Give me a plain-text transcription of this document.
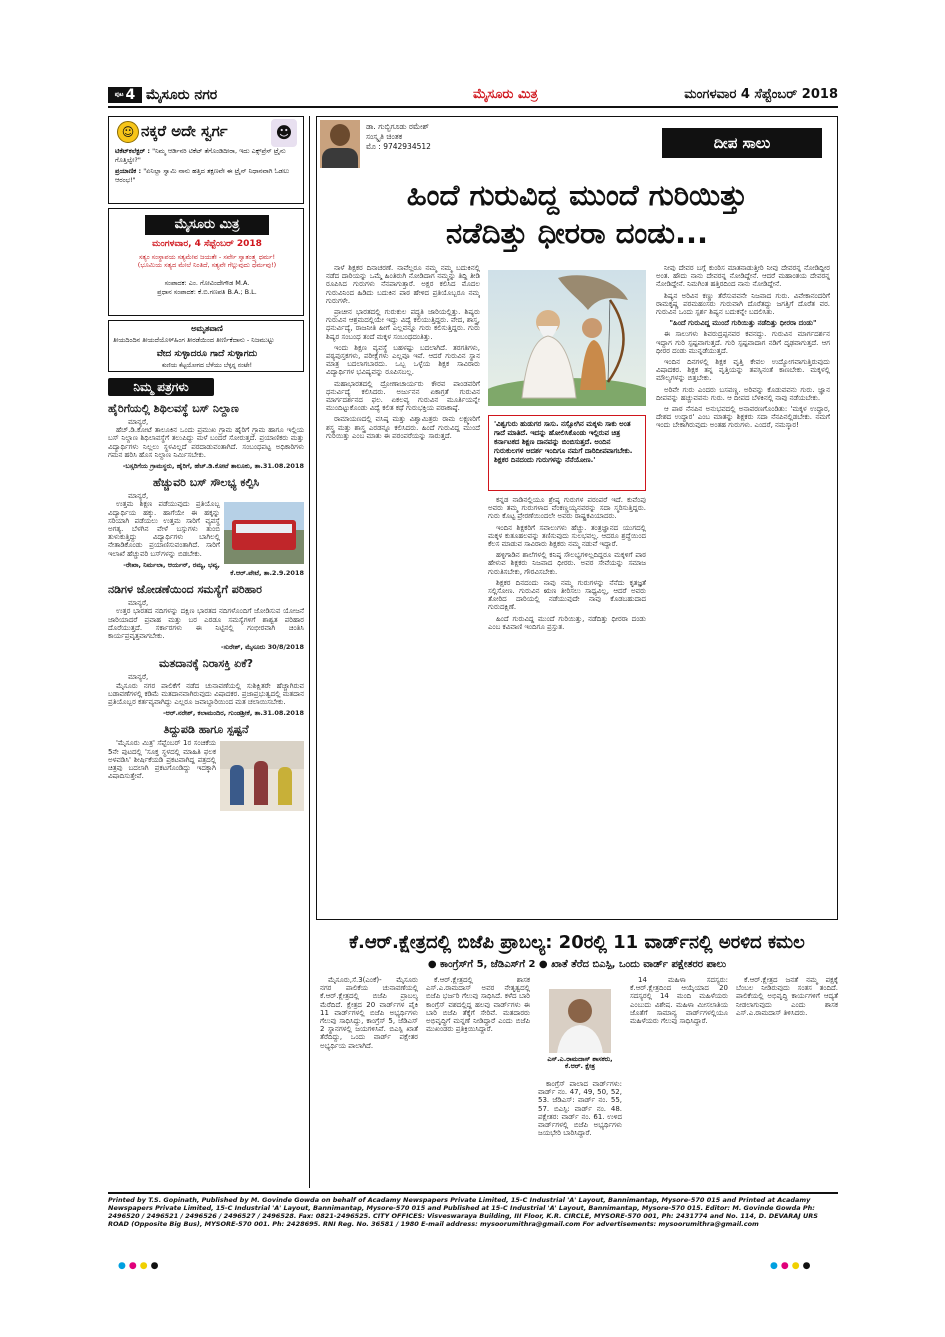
$^{ಪುಟ}$ 4 ಮೈಸೂರು ನಗರ	ಮೈಸೂರು ಮಿತ್ರ	ಮಂಗಳವಾರ 4 ಸೆಪ್ಟೆಂಬರ್ 2018
☺ ನಕ್ಕರೆ ಅದೇ ಸ್ವರ್ಗ	☻
ಟಿಕೆಟ್‌ಕಲೆಕ್ಟರ್ : "ನಿಮ್ಮ ಆರ್ಡಿನರಿ ಟಿಕೆಟ್ ತೆಗೊಂಡಿದೀರಾ, ಇದು ಎಕ್ಸ್‌ಪ್ರೆಸ್ ಟ್ರೈನು ಗೊತ್ತಿಲ್ವೇ?"
ಪ್ರಯಾಣಿಕ : "ಏನಿಲ್ಲಾ ಸ್ವಾಮಿ ನಾನು ಹತ್ತಿದ ತಕ್ಷಣವೇ ಈ ಟ್ರೈನ್ ನಿಧಾನವಾಗಿ ಓಡಲು ಆರಂಭ!"
ಮೈಸೂರು ಮಿತ್ರ
ಮಂಗಳವಾರ, 4 ಸೆಪ್ಟೆಂಬರ್ 2018
ಸತ್ಯಂ ಸಂಸ್ಥಾಪಯ ಸತ್ಯಮೇವ ಜಯತೇ - ಸರ್ವೇ ಸ್ವಾತಂತ್ರ್ಯ ಧರ್ಮ!
(ಭೂಮಿಯ ಸತ್ಯದ ಮೇಲೆ ನಿಂತಿದೆ, ಸತ್ಯವೇ ಗೆಲ್ಲುವುದು ಧರ್ಮವು!)
ಸಂಪಾದಕ: ಎಂ. ಗೋವಿಂದೇಗೌಡ M.A.
ಪ್ರಧಾನ ಸಂಪಾದಕ: ಕೆ.ಬಿ.ಗಣಪತಿ B.A.; B.L.
ಅಮೃತವಾಣಿ
ತೀಯದಿಂದಿನ ತೀಯದೆಯೊಳ್‌ಹಿಂಗ ತೀರಡೆಯಿಂದ ತೀರ್ಣಿಕೆದಾನು - ನಿಜಮುಟ್ಟು
ವೇದ ಸುಳ್ಳಾದರೂ ಗಾದೆ ಸುಳ್ಳಾಗದು
ಕುಣಿಯ ಕೆಟ್ಟಯೋಗದ ಬೆಳೆಯು ಬೆಳ್ಳನ್ನ ನಂಟೇ!
ನಿಮ್ಮ ಪತ್ರಗಳು

ಹೈರಿಗೆಯಲ್ಲಿ ಶಿಥಿಲವಸ್ಥೆ ಬಸ್ ನಿಲ್ದಾಣ

ಮಾನ್ಯರೆ,

ಹೆಚ್.ಡಿ.ಕೋಟೆ ತಾಲೂಕಿನ ಒಂದು ಪ್ರಮುಖ ಗ್ರಾಮ ಹೈರಿಗೆ ಗ್ರಾಮ ಹಾಗೂ ಇಲ್ಲಿಯ ಬಸ್ ನಿಲ್ದಾಣ ಶಿಥಿಲಾವಸ್ಥೆಗೆ ತಲುಪಿದ್ದು ಮಳೆ ಬಂದರೆ ಸೋರುತ್ತದೆ. ಪ್ರಯಾಣಿಕರು ಮತ್ತು ವಿದ್ಯಾರ್ಥಿಗಳು ನಿಲ್ಲಲು ಸ್ಥಳವಿಲ್ಲದೆ ಪರದಾಡುವಂತಾಗಿದೆ. ಸಂಬಂಧಪಟ್ಟ ಅಧಿಕಾರಿಗಳು ಗಮನ ಹರಿಸಿ ಹೊಸ ನಿಲ್ದಾಣ ನಿರ್ಮಿಸಬೇಕು.

-ಬಸ್ಸರಿಗೆಯ ಗ್ರಾಮಸ್ಥರು, ಹೈರಿಗೆ, ಹೆಚ್.ಡಿ.ಕೋಟೆ ತಾಲೂಕು, ತಾ.31.08.2018

ಹೆಚ್ಚುವರಿ ಬಸ್ ಸೌಲಭ್ಯ ಕಲ್ಪಿಸಿ

ಮಾನ್ಯರೆ,

ಉತ್ತಮ ಶಿಕ್ಷಣ ಪಡೆಯುವುದು ಪ್ರತಿಯೊಬ್ಬ ವಿದ್ಯಾರ್ಥಿಯ ಹಕ್ಕು. ಹಾಗೆಯೇ ಈ ಹಕ್ಕನ್ನು ಸರಿಯಾಗಿ ಪಡೆಯಲು ಉತ್ತಮ ಸಾರಿಗೆ ವ್ಯವಸ್ಥೆ ಅಗತ್ಯ. ಬೆಳಗಿನ ವೇಳೆ ಬಸ್ಸುಗಳು ತುಂಬಿ ತುಳುಕುತ್ತಿದ್ದು ವಿದ್ಯಾರ್ಥಿಗಳು ಬಾಗಿಲಲ್ಲಿ ನೇತಾಡಿಕೊಂಡು ಪ್ರಯಾಣಿಸುವಂತಾಗಿದೆ. ಸಾರಿಗೆ ಇಲಾಖೆ ಹೆಚ್ಚುವರಿ ಬಸ್‌ಗಳನ್ನು ಬಿಡಬೇಕು.

-ರೇಖಾ, ನಿರ್ಮಲಾ, ಆರ್ಯನ್, ರಮ್ಯ, ಭವ್ಯ, ಕೆ.ಆರ್.ಪೇಟೆ, ತಾ.2.9.2018

ನಡಿಗಳ ಜೋಡಣೆಯಿಂದ ಸಮಸ್ಯೆಗೆ ಪರಿಹಾರ

ಮಾನ್ಯರೆ,

ಉತ್ತರ ಭಾರತದ ನದಿಗಳನ್ನು ದಕ್ಷಿಣ ಭಾರತದ ನದಿಗಳೊಂದಿಗೆ ಜೋಡಿಸುವ ಯೋಜನೆ ಜಾರಿಯಾದರೆ ಪ್ರವಾಹ ಮತ್ತು ಬರ ಎರಡೂ ಸಮಸ್ಯೆಗಳಿಗೆ ಶಾಶ್ವತ ಪರಿಹಾರ ದೊರೆಯುತ್ತದೆ. ಸರ್ಕಾರಗಳು ಈ ನಿಟ್ಟಿನಲ್ಲಿ ಗಂಭೀರವಾಗಿ ಚಿಂತಿಸಿ ಕಾರ್ಯಪ್ರವೃತ್ತವಾಗಬೇಕು.

-ಸುರೇಶ್, ಮೈಸೂರು 30/8/2018

ಮತದಾನಕ್ಕೆ ನಿರಾಸಕ್ತಿ ಏಕೆ?

ಮಾನ್ಯರೆ,

ಮೈಸೂರು ನಗರ ಪಾಲಿಕೆಗೆ ನಡೆದ ಚುನಾವಣೆಯಲ್ಲಿ ಸುಶಿಕ್ಷಿತರೇ ಹೆಚ್ಚಾಗಿರುವ ಬಡಾವಣೆಗಳಲ್ಲಿ ಕಡಿಮೆ ಮತದಾನವಾಗಿರುವುದು ವಿಷಾದಕರ. ಪ್ರಜಾಪ್ರಭುತ್ವದಲ್ಲಿ ಮತದಾನ ಪ್ರತಿಯೊಬ್ಬರ ಕರ್ತವ್ಯವಾಗಿದ್ದು ಎಲ್ಲರೂ ಜವಾಬ್ದಾರಿಯಿಂದ ಮತ ಚಲಾಯಿಸಬೇಕು.

-ಆರ್.ನರೇಶ್, ಕಲಾಮಂದಿರ, ಗುಂಡಶ್ರೀಕೆ, ತಾ.31.08.2018

ತಿದ್ದುಪಡಿ ಹಾಗೂ ಸ್ಪಷ್ಟನೆ

'ಮೈಸೂರು ಮಿತ್ರ' ಸೆಪ್ಟೆಂಬರ್ 1ರ ಸಂಚಿಕೆಯ 5ನೇ ಪುಟದಲ್ಲಿ 'ಸೂಕ್ತ ಸ್ಥಳದಲ್ಲಿ ಮಾಹಿತಿ ಫಲಕ ಅಳವಡಿಸಿ' ಶೀರ್ಷಿಕೆಯಡಿ ಪ್ರಕಟವಾಗಿದ್ದ ಪತ್ರದಲ್ಲಿ ಚಿತ್ರವು ಬದಲಾಗಿ ಪ್ರಕಟಗೊಂಡಿದ್ದು ಇದಕ್ಕಾಗಿ ವಿಷಾದಿಸುತ್ತೇವೆ.

ಡಾ. ಗುಬ್ಬಿಗೂಡು ರಮೇಶ್
ಸಂಸ್ಕೃತಿ ಚಿಂತಕ
ಮೊ : 9742934512	ದೀಪ ಸಾಲು
ಹಿಂದೆ ಗುರುವಿದ್ದ ಮುಂದೆ ಗುರಿಯಿತ್ತು
ನಡೆದಿತ್ತು ಧೀರರಾ ದಂಡು...

ನಾಳೆ ಶಿಕ್ಷಕರ ದಿನಾಚರಣೆ. ನಾವೆಲ್ಲರೂ ನಮ್ಮ ನಮ್ಮ ಬದುಕಿನಲ್ಲಿ ನಡೆದ ದಾರಿಯನ್ನು ಒಮ್ಮೆ ಹಿಂತಿರುಗಿ ನೋಡಿದಾಗ ನಮ್ಮನ್ನು ತಿದ್ದಿ ತೀಡಿ ರೂಪಿಸಿದ ಗುರುಗಳು ನೆನಪಾಗುತ್ತಾರೆ. ಅಕ್ಷರ ಕಲಿಸಿದ ಮೊದಲ ಗುರುವಿನಿಂದ ಹಿಡಿದು ಬದುಕಿನ ಪಾಠ ಹೇಳಿದ ಪ್ರತಿಯೊಬ್ಬರೂ ನಮ್ಮ ಗುರುಗಳೇ.

ಪ್ರಾಚೀನ ಭಾರತದಲ್ಲಿ ಗುರುಕುಲ ಪದ್ಧತಿ ಜಾರಿಯಲ್ಲಿತ್ತು. ಶಿಷ್ಯರು ಗುರುವಿನ ಆಶ್ರಮದಲ್ಲಿಯೇ ಇದ್ದು ವಿದ್ಯೆ ಕಲಿಯುತ್ತಿದ್ದರು. ವೇದ, ಶಾಸ್ತ್ರ, ಧನುರ್ವಿದ್ಯೆ, ರಾಜನೀತಿ ಹೀಗೆ ಎಲ್ಲವನ್ನೂ ಗುರು ಕಲಿಸುತ್ತಿದ್ದರು. ಗುರು ಶಿಷ್ಯರ ಸಂಬಂಧ ತಂದೆ ಮಕ್ಕಳ ಸಂಬಂಧದಂತಿತ್ತು.

ಇಂದು ಶಿಕ್ಷಣ ವ್ಯವಸ್ಥೆ ಬಹಳಷ್ಟು ಬದಲಾಗಿದೆ. ತರಗತಿಗಳು, ಪಠ್ಯಪುಸ್ತಕಗಳು, ಪರೀಕ್ಷೆಗಳು ಎಲ್ಲವೂ ಇವೆ. ಆದರೆ ಗುರುವಿನ ಸ್ಥಾನ ಮಾತ್ರ ಬದಲಾಗಬಾರದು. ಒಬ್ಬ ಒಳ್ಳೆಯ ಶಿಕ್ಷಕ ಸಾವಿರಾರು ವಿದ್ಯಾರ್ಥಿಗಳ ಭವಿಷ್ಯವನ್ನು ರೂಪಿಸಬಲ್ಲ.

ಮಹಾಭಾರತದಲ್ಲಿ ದ್ರೋಣಾಚಾರ್ಯರು ಕೌರವ ಪಾಂಡವರಿಗೆ ಧನುರ್ವಿದ್ಯೆ ಕಲಿಸಿದರು. ಅರ್ಜುನನ ಏಕಾಗ್ರತೆ ಗುರುವಿನ ಮಾರ್ಗದರ್ಶನದ ಫಲ. ಏಕಲವ್ಯ ಗುರುವಿನ ಮೂರ್ತಿಯನ್ನೇ ಮುಂದಿಟ್ಟುಕೊಂಡು ವಿದ್ಯೆ ಕಲಿತ ಕಥೆ ಗುರುಭಕ್ತಿಯ ಪರಾಕಾಷ್ಠೆ.

ರಾಮಾಯಣದಲ್ಲಿ ವಸಿಷ್ಠ ಮತ್ತು ವಿಶ್ವಾಮಿತ್ರರು ರಾಮ ಲಕ್ಷ್ಮಣರಿಗೆ ಶಸ್ತ್ರ ಮತ್ತು ಶಾಸ್ತ್ರ ಎರಡನ್ನೂ ಕಲಿಸಿದರು. ಹಿಂದೆ ಗುರುವಿದ್ದ ಮುಂದೆ ಗುರಿಯಿತ್ತು ಎಂಬ ಮಾತು ಈ ಪರಂಪರೆಯನ್ನು ಸಾರುತ್ತದೆ.

'ವಿಶ್ವಗುರು ಹುಡುಗರ ಸಾಸು. ನಸ್ಸೋಗಿನ ಮಕ್ಕಳು ಸಾಕು ಅಂತ ಗಾದೆ ಮಾತಿದೆ. ಇದನ್ನು ಹೋಲಿಸಿಕೊಂಡು ಇಲ್ಲಿರುವ ಚಿತ್ರ ಕರ್ನಾಟಕದ ಶಿಕ್ಷಣ ದಾನವನ್ನು ಬಿಂಬಿಸುತ್ತದೆ. ಅಂದಿನ ಗುರುಕುಲಗಳ ಆದರ್ಶ ಇಂದಿಗೂ ನಮಗೆ ದಾರಿದೀಪವಾಗಬೇಕು. ಶಿಕ್ಷಕರ ದಿನದಂದು ಗುರುಗಳನ್ನು ನೆನೆಯೋಣ.'

ಕನ್ನಡ ನಾಡಿನಲ್ಲಿಯೂ ಶ್ರೇಷ್ಠ ಗುರುಗಳ ಪರಂಪರೆ ಇದೆ. ಕುವೆಂಪು ಅವರು ತಮ್ಮ ಗುರುಗಳಾದ ವೆಂಕಣ್ಣಯ್ಯನವರನ್ನು ಸದಾ ಸ್ಮರಿಸುತ್ತಿದ್ದರು. ಗುರು ಕೊಟ್ಟ ಪ್ರೇರಣೆಯಿಂದಲೇ ಅವರು ರಾಷ್ಟ್ರಕವಿಯಾದರು.

ಇಂದಿನ ಶಿಕ್ಷಕರಿಗೆ ಸವಾಲುಗಳು ಹೆಚ್ಚು. ತಂತ್ರಜ್ಞಾನದ ಯುಗದಲ್ಲಿ ಮಕ್ಕಳ ಕುತೂಹಲವನ್ನು ತಣಿಸುವುದು ಸುಲಭವಲ್ಲ. ಆದರೂ ಶ್ರದ್ಧೆಯಿಂದ ಕೆಲಸ ಮಾಡುವ ಸಾವಿರಾರು ಶಿಕ್ಷಕರು ನಮ್ಮ ನಡುವೆ ಇದ್ದಾರೆ.

ಹಳ್ಳಿಗಾಡಿನ ಶಾಲೆಗಳಲ್ಲಿ ಕನಿಷ್ಠ ಸೌಲಭ್ಯಗಳಿಲ್ಲದಿದ್ದರೂ ಮಕ್ಕಳಿಗೆ ಪಾಠ ಹೇಳುವ ಶಿಕ್ಷಕರು ನಿಜವಾದ ಧೀರರು. ಅವರ ಸೇವೆಯನ್ನು ಸಮಾಜ ಗುರುತಿಸಬೇಕು, ಗೌರವಿಸಬೇಕು.

ಶಿಕ್ಷಕರ ದಿನದಂದು ನಾವು ನಮ್ಮ ಗುರುಗಳನ್ನು ನೆನೆದು ಕೃತಜ್ಞತೆ ಸಲ್ಲಿಸೋಣ. ಗುರುವಿನ ಋಣ ತೀರಿಸಲು ಸಾಧ್ಯವಿಲ್ಲ, ಆದರೆ ಅವರು ತೋರಿದ ದಾರಿಯಲ್ಲಿ ನಡೆಯುವುದೇ ನಾವು ಕೊಡಬಹುದಾದ ಗುರುದಕ್ಷಿಣೆ.

ಹಿಂದೆ ಗುರುವಿದ್ದ ಮುಂದೆ ಗುರಿಯಿತ್ತು, ನಡೆದಿತ್ತು ಧೀರರಾ ದಂಡು ಎಂಬ ಕವಿವಾಣಿ ಇಂದಿಗೂ ಪ್ರಸ್ತುತ.

ನೀವು ದೇವರ ಬಗ್ಗೆ ಕುಂಠಿಸ ಮಾತನಾಡುತ್ತೀರಿ ನೀವು ದೇವರನ್ನ ನೋಡಿದ್ದೀರ ಅಂತ. ಹೌದು ನಾನು ದೇವರನ್ನ ನೋಡಿದ್ದೇನೆ. ಆದರೆ ಮಹಾಂತಯ ದೇವರನ್ನ ನೋಡಿದ್ದೇನೆ. ನಿಮಗಿಂತ ಹತ್ತಿರದಿಂದ ನಾನು ನೋಡಿದ್ದೇನೆ.

ಶಿಷ್ಯನ ಅರಿವಿನ ಕಣ್ಣು ತೆರೆಸುವವನೇ ನಿಜವಾದ ಗುರು. ವಿವೇಕಾನಂದರಿಗೆ ರಾಮಕೃಷ್ಣ ಪರಮಹಂಸರು ಗುರುವಾಗಿ ದೊರೆತದ್ದು ಜಗತ್ತಿಗೆ ದೊರೆತ ವರ. ಗುರುವಿನ ಒಂದು ಸ್ಪರ್ಶ ಶಿಷ್ಯನ ಬದುಕನ್ನೇ ಬದಲಿಸಿತು.

"ಹಿಂದೆ ಗುರುವಿದ್ದ ಮುಂದೆ ಗುರಿಯಿತ್ತು ನಡೆದಿತ್ತು ಧೀರರಾ ದಂಡು"

ಈ ಸಾಲುಗಳು ಶಿವರುದ್ರಪ್ಪನವರ ಕವನದ್ದು. ಗುರುವಿನ ಮಾರ್ಗದರ್ಶನ ಇದ್ದಾಗ ಗುರಿ ಸ್ಪಷ್ಟವಾಗುತ್ತದೆ. ಗುರಿ ಸ್ಪಷ್ಟವಾದಾಗ ನಡಿಗೆ ದೃಢವಾಗುತ್ತದೆ. ಆಗ ಧೀರರ ದಂಡು ಮುನ್ನಡೆಯುತ್ತದೆ.

ಇಂದಿನ ದಿನಗಳಲ್ಲಿ ಶಿಕ್ಷಕ ವೃತ್ತಿ ಕೇವಲ ಉದ್ಯೋಗವಾಗುತ್ತಿರುವುದು ವಿಷಾದಕರ. ಶಿಕ್ಷಕ ತನ್ನ ವೃತ್ತಿಯನ್ನು ತಪಸ್ಸಿನಂತೆ ಕಾಣಬೇಕು. ಮಕ್ಕಳಲ್ಲಿ ಮೌಲ್ಯಗಳನ್ನು ಬಿತ್ತಬೇಕು.

ಅರಿವೇ ಗುರು ಎಂದರು ಬಸವಣ್ಣ. ಅರಿವನ್ನು ಕೊಡುವವನು ಗುರು. ಜ್ಞಾನ ದೀಪವನ್ನು ಹಚ್ಚುವವನು ಗುರು. ಆ ದೀಪದ ಬೆಳಕಿನಲ್ಲಿ ನಾವು ನಡೆಯಬೇಕು.

ಆ ಪಾಠ ನೆನಪಿನ ಅನುಭವದಲ್ಲಿ ಅನಾವರಣಗೊಂಡಿತು: 'ಮಕ್ಕಳ ಉದ್ಧಾರ, ದೇಶದ ಉದ್ಧಾರ' ಎಂಬ ಮಾತನ್ನು ಶಿಕ್ಷಕರು ಸದಾ ನೆನಪಿನಲ್ಲಿಡಬೇಕು. ನಮಗೆ ಇಂದು ಬೇಕಾಗಿರುವುದು ಅಂತಹ ಗುರುಗಳು. ಎಂದರೆ, ನಮಸ್ಕಾರ!

ಕೆ.ಆರ್.ಕ್ಷೇತ್ರದಲ್ಲಿ ಬಿಜೆಪಿ ಪ್ರಾಬಲ್ಯ: 20ರಲ್ಲಿ 11 ವಾರ್ಡ್‌ನಲ್ಲಿ ಅರಳಿದ ಕಮಲ
● ಕಾಂಗ್ರೆಸ್‌ಗೆ 5, ಜೆಡಿಎಸ್‌ಗೆ 2 ● ಖಾತೆ ತೆರೆದ ಬಿಎಸ್ಪಿ, ಒಂದು ವಾರ್ಡ್ ಪಕ್ಷೇತರರ ಪಾಲು

ಮೈಸೂರು,ಸೆ.3(ಎಂಕೆ)- ಮೈಸೂರು ನಗರ ಪಾಲಿಕೆಯ ಚುನಾವಣೆಯಲ್ಲಿ ಕೆ.ಆರ್.ಕ್ಷೇತ್ರದಲ್ಲಿ ಬಿಜೆಪಿ ಪ್ರಾಬಲ್ಯ ಮೆರೆದಿದೆ. ಕ್ಷೇತ್ರದ 20 ವಾರ್ಡ್‌ಗಳ ಪೈಕಿ 11 ವಾರ್ಡ್‌ಗಳಲ್ಲಿ ಬಿಜೆಪಿ ಅಭ್ಯರ್ಥಿಗಳು ಗೆಲುವು ಸಾಧಿಸಿದ್ದು, ಕಾಂಗ್ರೆಸ್ 5, ಜೆಡಿಎಸ್ 2 ಸ್ಥಾನಗಳಲ್ಲಿ ಜಯಗಳಿಸಿವೆ. ಬಿಎಸ್ಪಿ ಖಾತೆ ತೆರೆದಿದ್ದು, ಒಂದು ವಾರ್ಡ್ ಪಕ್ಷೇತರ ಅಭ್ಯರ್ಥಿಯ ಪಾಲಾಗಿದೆ.

ಕೆ.ಆರ್.ಕ್ಷೇತ್ರದಲ್ಲಿ ಶಾಸಕ ಎಸ್.ಎ.ರಾಮದಾಸ್ ಅವರ ನೇತೃತ್ವದಲ್ಲಿ ಬಿಜೆಪಿ ಭರ್ಜರಿ ಗೆಲುವು ಸಾಧಿಸಿದೆ. ಕಳೆದ ಬಾರಿ ಕಾಂಗ್ರೆಸ್ ವಶದಲ್ಲಿದ್ದ ಹಲವು ವಾರ್ಡ್‌ಗಳು ಈ ಬಾರಿ ಬಿಜೆಪಿ ತೆಕ್ಕೆಗೆ ಸೇರಿವೆ. ಮತದಾರರು ಅಭಿವೃದ್ಧಿಗೆ ಮನ್ನಣೆ ನೀಡಿದ್ದಾರೆ ಎಂದು ಬಿಜೆಪಿ ಮುಖಂಡರು ಪ್ರತಿಕ್ರಿಯಿಸಿದ್ದಾರೆ.

ಎಸ್.ಎ.ರಾಮದಾಸ್ ಶಾಸಕರು, ಕೆ.ಆರ್. ಕ್ಷೇತ್ರ

ಕಾಂಗ್ರೆಸ್ ಪಾಲಾದ ವಾರ್ಡ್‌ಗಳು: ವಾರ್ಡ್ ನಂ. 47, 49, 50, 52, 53. ಜೆಡಿಎಸ್: ವಾರ್ಡ್ ನಂ. 55, 57. ಬಿಎಸ್ಪಿ: ವಾರ್ಡ್ ನಂ. 48. ಪಕ್ಷೇತರ: ವಾರ್ಡ್ ನಂ. 61. ಉಳಿದ ವಾರ್ಡ್‌ಗಳಲ್ಲಿ ಬಿಜೆಪಿ ಅಭ್ಯರ್ಥಿಗಳು ಜಯಭೇರಿ ಬಾರಿಸಿದ್ದಾರೆ.

14 ಮಹಿಳಾ ಸದಸ್ಯರು: ಕೆ.ಆರ್.ಕ್ಷೇತ್ರದಿಂದ ಆಯ್ಕೆಯಾದ 20 ಸದಸ್ಯರಲ್ಲಿ 14 ಮಂದಿ ಮಹಿಳೆಯರು ಎಂಬುದು ವಿಶೇಷ. ಮಹಿಳಾ ಮೀಸಲಾತಿಯ ಜೊತೆಗೆ ಸಾಮಾನ್ಯ ವಾರ್ಡ್‌ಗಳಲ್ಲಿಯೂ ಮಹಿಳೆಯರು ಗೆಲುವು ಸಾಧಿಸಿದ್ದಾರೆ.

ಕೆ.ಆರ್.ಕ್ಷೇತ್ರದ ಜನತೆ ನಮ್ಮ ಪಕ್ಷಕ್ಕೆ ಬೆಂಬಲ ನೀಡಿರುವುದು ಸಂತಸ ತಂದಿದೆ. ಪಾಲಿಕೆಯಲ್ಲಿ ಅಭಿವೃದ್ಧಿ ಕಾರ್ಯಗಳಿಗೆ ಆದ್ಯತೆ ನೀಡಲಾಗುವುದು ಎಂದು ಶಾಸಕ ಎಸ್.ಎ.ರಾಮದಾಸ್ ತಿಳಿಸಿದರು.

Printed by T.S. Gopinath, Published by M. Govinde Gowda on behalf of Acadamy Newspapers Private Limited, 15-C Industrial 'A' Layout, Bannimantap, Mysore-570 015 and Printed at Acadamy Newspapers Private Limited, 15-C Industrial 'A' Layout, Bannimantap, Mysore-570 015 and Published at 15-C Industrial 'A' Layout, Bannimantap, Mysore-570 015. Editor: M. Govinde Gowda Ph: 2496520 / 2496521 / 2496526 / 2496527 / 2496528. Fax: 0821-2496525. CITY OFFICES: Visveswaraya Building, III Floor, K.R. CIRCLE, MYSORE-570 001, Ph: 2431774 and No. 114, D. DEVARAJ URS ROAD (Opposite Big Bus), MYSORE-570 001. Ph: 2428695. RNI Reg. No. 36581 / 1980 E-mail address: mysoorumithra@gmail.com For advertisements: mysoorumithra@gmail.com
●●●●	●●●●
